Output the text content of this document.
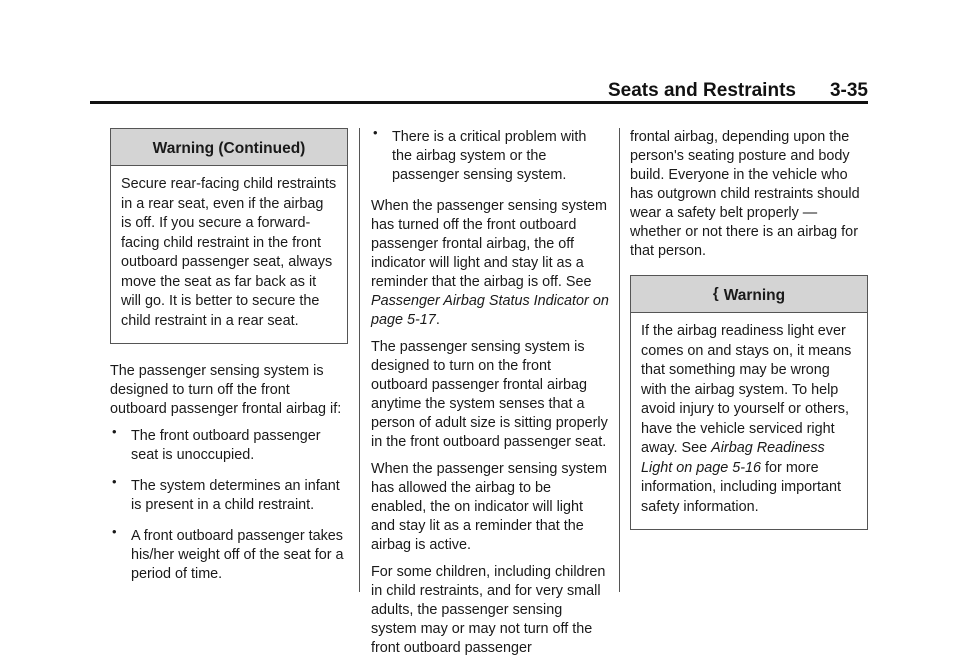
Seats and Restraints 3-35
Warning (Continued)
Secure rear-facing child restraints in a rear seat, even if the airbag is off. If you secure a forward-facing child restraint in the front outboard passenger seat, always move the seat as far back as it will go. It is better to secure the child restraint in a rear seat.

The passenger sensing system is designed to turn off the front outboard passenger frontal airbag if:

• The front outboard passenger seat is unoccupied.
• The system determines an infant is present in a child restraint.
• A front outboard passenger takes his/her weight off of the seat for a period of time.
• There is a critical problem with the airbag system or the passenger sensing system.

When the passenger sensing system has turned off the front outboard passenger frontal airbag, the off indicator will light and stay lit as a reminder that the airbag is off. See Passenger Airbag Status Indicator on page 5-17.

The passenger sensing system is designed to turn on the front outboard passenger frontal airbag anytime the system senses that a person of adult size is sitting properly in the front outboard passenger seat.

When the passenger sensing system has allowed the airbag to be enabled, the on indicator will light and stay lit as a reminder that the airbag is active.

For some children, including children in child restraints, and for very small adults, the passenger sensing system may or may not turn off the front outboard passenger

frontal airbag, depending upon the person's seating posture and body build. Everyone in the vehicle who has outgrown child restraints should wear a safety belt properly — whether or not there is an airbag for that person.

{ Warning
If the airbag readiness light ever comes on and stays on, it means that something may be wrong with the airbag system. To help avoid injury to yourself or others, have the vehicle serviced right away. See Airbag Readiness Light on page 5-16 for more information, including important safety information.
